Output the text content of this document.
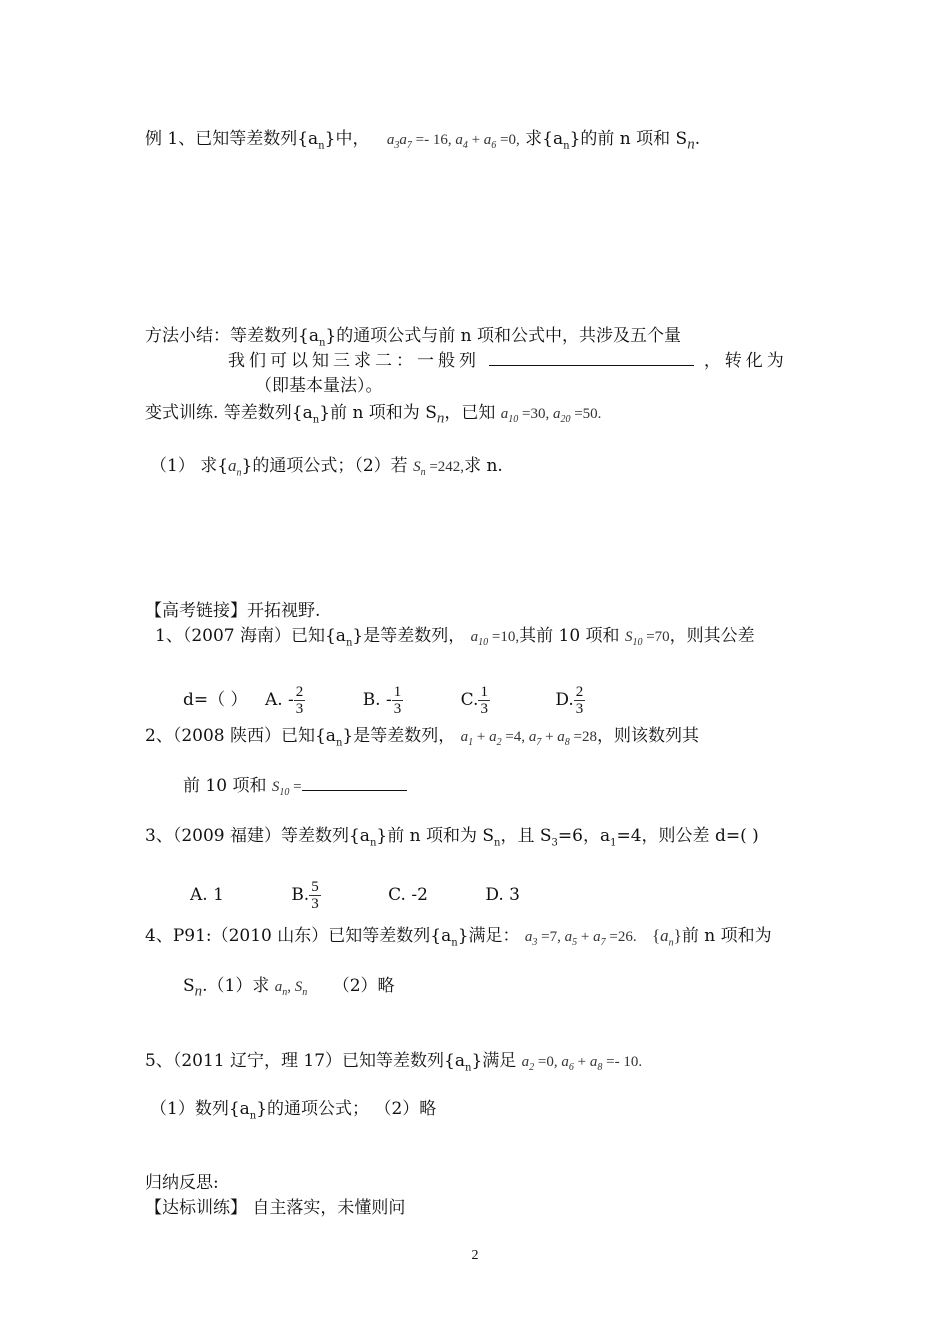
例 1、已知等差数列$\{a_n\}$中， $a_3a_7 =- 16$, $a_4 + a_6 =0$, 求$\{a_n\}$的前 n 项和 $S_n$.
方法小结：等差数列$\{a_n\}$的通项公式与前 n 项和公式中，共涉及五个量
我们可以知三求二：一般列	，转化为
（即基本量法）。
变式训练. 等差数列$\{a_n\}$前 n 项和为 $S_n$，已知 $a_{10} =30$, $a_{20} =50$.
（1） 求$\{a_n\}$的通项公式；（2）若 $S_n =242$,求 n.
【高考链接】开拓视野.
1、（2007 海南）已知$\{a_n\}$是等差数列， $a_{10} =10$,其前 10 项和 $S_{10} =70$，则其公差
d=（ ） A. - $\frac{2}{3}$	B. - $\frac{1}{3}$	C. $\frac{1}{3}$	D. $\frac{2}{3}$
2、（2008 陕西）已知$\{a_n\}$是等差数列， $a_1 + a_2 =4$, $a_7 + a_8 =28$，则该数列其
前 10 项和 $S_{10}$ =
3、（2009 福建）等差数列$\{a_n\}$前 n 项和为 $S_n$，且 $S_3=6$，$a_1=4$，则公差 d=( )
A. 1	B. $\frac{5}{3}$	C. -2	D. 3
4、P91:（2010 山东）已知等差数列$\{a_n\}$满足： $a_3 =7$, $a_5 + a_7 =26$. $\{a_n\}$前 n 项和为
$S_n.(1)$求 $a_n$, $S_n$ （2）略
5、（2011 辽宁，理 17）已知等差数列$\{a_n\}$满足 $a_2 =0$, $a_6 + a_8 =- 10$.
（1）数列$\{a_n\}$的通项公式； （2）略
归纳反思:
【达标训练】 自主落实，未懂则问
2
